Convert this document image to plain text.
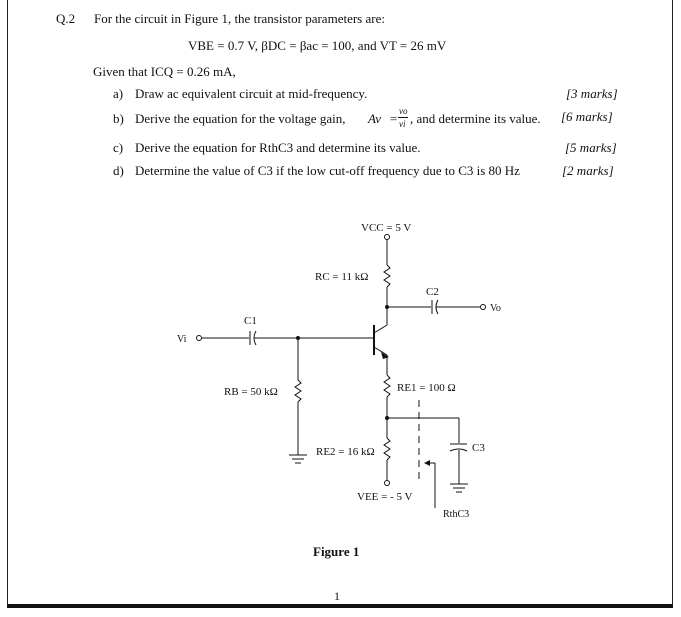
Q.2 For the circuit in Figure 1, the transistor parameters are:
VBE = 0.7 V, βDC = βac = 100, and VT = 26 mV
Given that ICQ = 0.26 mA,
a) Draw ac equivalent circuit at mid-frequency.	[3 marks]
b) Derive the equation for the voltage gain, Av = vo
vi , and determine its value. [6 marks]
c) Derive the equation for RthC3 and determine its value.	[5 marks]
d) Determine the value of C3 if the low cut-off frequency due to C3 is 80 Hz	[2 marks]
VCC = 5 V
RC = 11 kΩ
C2
Vo
C1
Vi
RB = 50 kΩ	RE1 = 100 Ω
RE2 = 16 kΩ	C3
VEE = - 5 V
RthC3
Figure 1
1
